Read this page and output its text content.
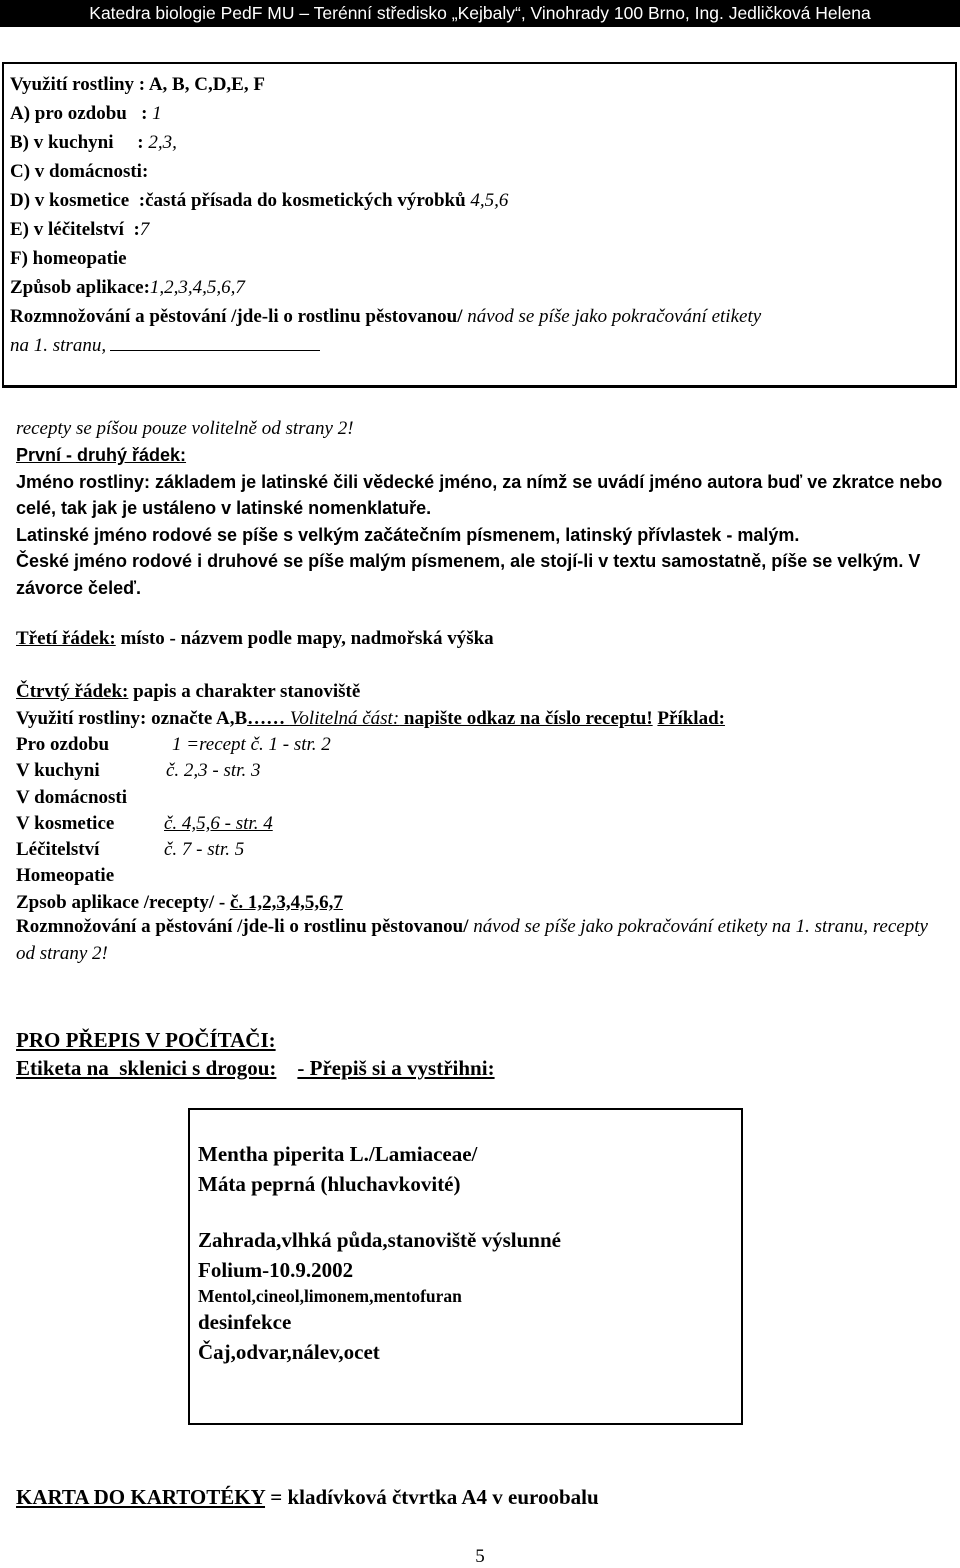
Katedra biologie PedF MU – Terénní středisko „Kejbaly“, Vinohrady 100 Brno, Ing. Jedličková Helena
Využití rostliny : A, B, C,D,E, F
A) pro ozdobu   : 1
B) v kuchyni     : 2,3,
C) v domácnosti:
D) v kosmetice  :častá přísada do kosmetických výrobků 4,5,6
E) v léčitelství  :7
F) homeopatie
Způsob aplikace:1,2,3,4,5,6,7
Rozmnožování a pěstování /jde-li o rostlinu pěstovanou/ návod se píše jako pokračování etikety
na 1. stranu,
recepty se píšou pouze volitelně od strany 2!
První - druhý řádek:
Jméno rostliny: základem je latinské čili vědecké jméno, za nímž se uvádí jméno autora buď ve zkratce nebo celé, tak jak je ustáleno v latinské nomenklatuře.
Latinské jméno rodové se píše s velkým začátečním písmenem, latinský přívlastek - malým.
České jméno rodové i druhové se píše malým písmenem, ale stojí-li v textu samostatně, píše se velkým. V závorce čeleď.
Třetí řádek: místo - názvem podle mapy, nadmořská výška
Čtrvtý řádek: papis a charakter stanoviště
Využití rostliny: označte A,B…… Volitelná část: napište odkaz na číslo receptu! Příklad:
Pro ozdobu	1 =recept č. 1 - str. 2
V kuchyni	č. 2,3 - str. 3
V domácnosti
V kosmetice	č. 4,5,6 - str. 4
Léčitelství	č. 7 - str. 5
Homeopatie
Zpsob aplikace /recepty/ - č. 1,2,3,4,5,6,7
Rozmnožování a pěstování /jde-li o rostlinu pěstovanou/ návod se píše jako pokračování etikety na 1. stranu, recepty od strany 2!
PRO PŘEPIS V POČÍTAČI:
Etiketa na  sklenici s drogou: - Přepiš si a vystřihni:
Mentha piperita L./Lamiaceae/
Máta peprná (hluchavkovité)
Zahrada,vlhká půda,stanoviště výslunné
Folium-10.9.2002
Mentol,cineol,limonem,mentofuran
desinfekce
Čaj,odvar,nálev,ocet
KARTA DO KARTOTÉKY = kladívková čtvrtka A4 v euroobalu
5
